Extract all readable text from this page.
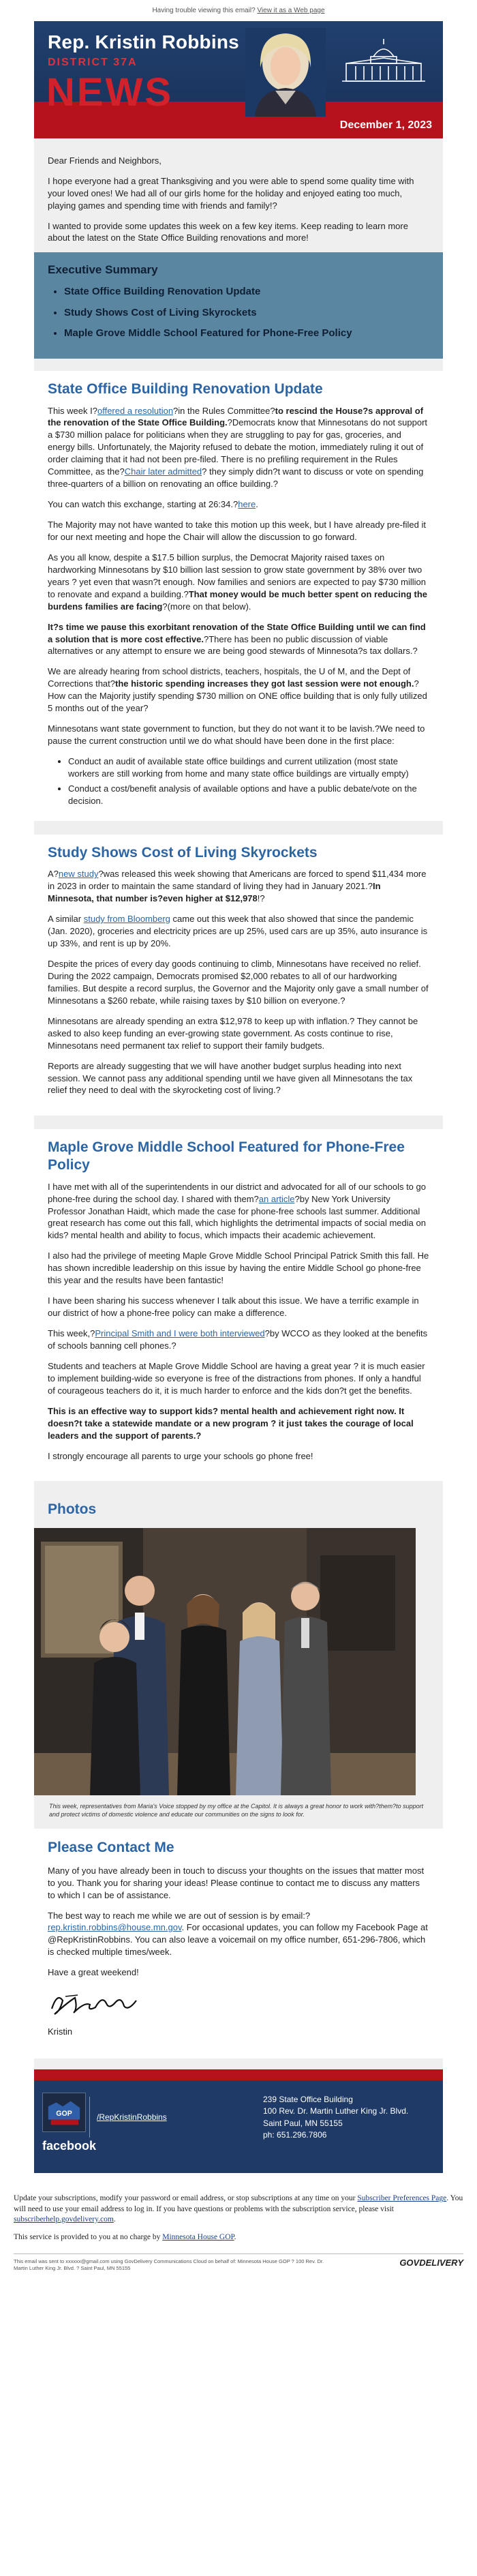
Having trouble viewing this email? View it as a Web page
Rep. Kristin Robbins
DISTRICT 37A
NEWS
December 1, 2023

Dear Friends and Neighbors,

I hope everyone had a great Thanksgiving and you were able to spend some quality time with your loved ones! We had all of our girls home for the holiday and enjoyed eating too much, playing games and spending time with friends and family!?

I wanted to provide some updates this week on a few key items. Keep reading to learn more about the latest on the State Office Building renovations and more!

Executive Summary
• State Office Building Renovation Update
• Study Shows Cost of Living Skyrockets
• Maple Grove Middle School Featured for Phone-Free Policy
State Office Building Renovation Update

This week I?offered a resolution?in the Rules Committee?to rescind the House?s approval of the renovation of the State Office Building.?Democrats know that Minnesotans do not support a $730 million palace for politicians when they are struggling to pay for gas, groceries, and energy bills. Unfortunately, the Majority refused to debate the motion, immediately ruling it out of order claiming that it had not been pre-filed. There is no prefiling requirement in the Rules Committee, as the?Chair later admitted? they simply didn?t want to discuss or vote on spending three-quarters of a billion on renovating an office building.?

You can watch this exchange, starting at 26:34.?here.

The Majority may not have wanted to take this motion up this week, but I have already pre-filed it for our next meeting and hope the Chair will allow the discussion to go forward.

As you all know, despite a $17.5 billion surplus, the Democrat Majority raised taxes on hardworking Minnesotans by $10 billion last session to grow state government by 38% over two years ? yet even that wasn?t enough. Now families and seniors are expected to pay $730 million to renovate and expand a building.?That money would be much better spent on reducing the burdens families are facing?(more on that below).

It?s time we pause this exorbitant renovation of the State Office Building until we can find a solution that is more cost effective.?There has been no public discussion of viable alternatives or any attempt to ensure we are being good stewards of Minnesota?s tax dollars.?

We are already hearing from school districts, teachers, hospitals, the U of M, and the Dept of Corrections that?the historic spending increases they got last session were not enough.?How can the Majority justify spending $730 million on ONE office building that is only fully utilized 5 months out of the year?

Minnesotans want state government to function, but they do not want it to be lavish.?We need to pause the current construction until we do what should have been done in the first place:

• Conduct an audit of available state office buildings and current utilization (most state workers are still working from home and many state office buildings are virtually empty)
• Conduct a cost/benefit analysis of available options and have a public debate/vote on the decision.
Study Shows Cost of Living Skyrockets

A?new study?was released this week showing that Americans are forced to spend $11,434 more in 2023 in order to maintain the same standard of living they had in January 2021.?In Minnesota, that number is?even higher at $12,978!?

A similar study from Bloomberg came out this week that also showed that since the pandemic (Jan. 2020), groceries and electricity prices are up 25%, used cars are up 35%, auto insurance is up 33%, and rent is up by 20%.

Despite the prices of every day goods continuing to climb, Minnesotans have received no relief. During the 2022 campaign, Democrats promised $2,000 rebates to all of our hardworking families. But despite a record surplus, the Governor and the Majority only gave a small number of Minnesotans a $260 rebate, while raising taxes by $10 billion on everyone.?

Minnesotans are already spending an extra $12,978 to keep up with inflation.? They cannot be asked to also keep funding an ever-growing state government. As costs continue to rise, Minnesotans need permanent tax relief to support their family budgets.

Reports are already suggesting that we will have another budget surplus heading into next session. We cannot pass any additional spending until we have given all Minnesotans the tax relief they need to deal with the skyrocketing cost of living.?

Maple Grove Middle School Featured for Phone-Free Policy

I have met with all of the superintendents in our district and advocated for all of our schools to go phone-free during the school day. I shared with them?an article?by New York University Professor Jonathan Haidt, which made the case for phone-free schools last summer. Additional great research has come out this fall, which highlights the detrimental impacts of social media on kids? mental health and ability to focus, which impacts their academic achievement.

I also had the privilege of meeting Maple Grove Middle School Principal Patrick Smith this fall. He has shown incredible leadership on this issue by having the entire Middle School go phone-free this year and the results have been fantastic!

I have been sharing his success whenever I talk about this issue. We have a terrific example in our district of how a phone-free policy can make a difference.

This week,?Principal Smith and I were both interviewed?by WCCO as they looked at the benefits of schools banning cell phones.?

Students and teachers at Maple Grove Middle School are having a great year ? it is much easier to implement building-wide so everyone is free of the distractions from phones. If only a handful of courageous teachers do it, it is much harder to enforce and the kids don?t get the benefits.

This is an effective way to support kids? mental health and achievement right now. It doesn?t take a statewide mandate or a new program ? it just takes the courage of local leaders and the support of parents.?

I strongly encourage all parents to urge your schools go phone free!

Photos
This week, representatives from Maria's Voice stopped by my office at the Capitol. It is always a great honor to work with?them?to support and protect victims of domestic violence and educate our communities on the signs to look for.
Please Contact Me

Many of you have already been in touch to discuss your thoughts on the issues that matter most to you. Thank you for sharing your ideas! Please continue to contact me to discuss any matters to which I can be of assistance.

The best way to reach me while we are out of session is by email:?rep.kristin.robbins@house.mn.gov. For occasional updates, you can follow my Facebook Page at @RepKristinRobbins. You can also leave a voicemail on my office number, 651-296-7806, which is checked multiple times/week.

Have a great weekend!

Kristin

GOP
facebook
/RepKristinRobbins
239 State Office Building
100 Rev. Dr. Martin Luther King Jr. Blvd.
Saint Paul, MN 55155
ph: 651.296.7806

Update your subscriptions, modify your password or email address, or stop subscriptions at any time on your Subscriber Preferences Page. You will need to use your email address to log in. If you have questions or problems with the subscription service, please visit subscriberhelp.govdelivery.com.

This service is provided to you at no charge by Minnesota House GOP.

This email was sent to xxxxxx@gmail.com using GovDelivery Communications Cloud on behalf of: Minnesota House GOP ? 100 Rev. Dr. Martin Luther King Jr. Blvd. ? Saint Paul, MN 55155
GOVDELIVERY
